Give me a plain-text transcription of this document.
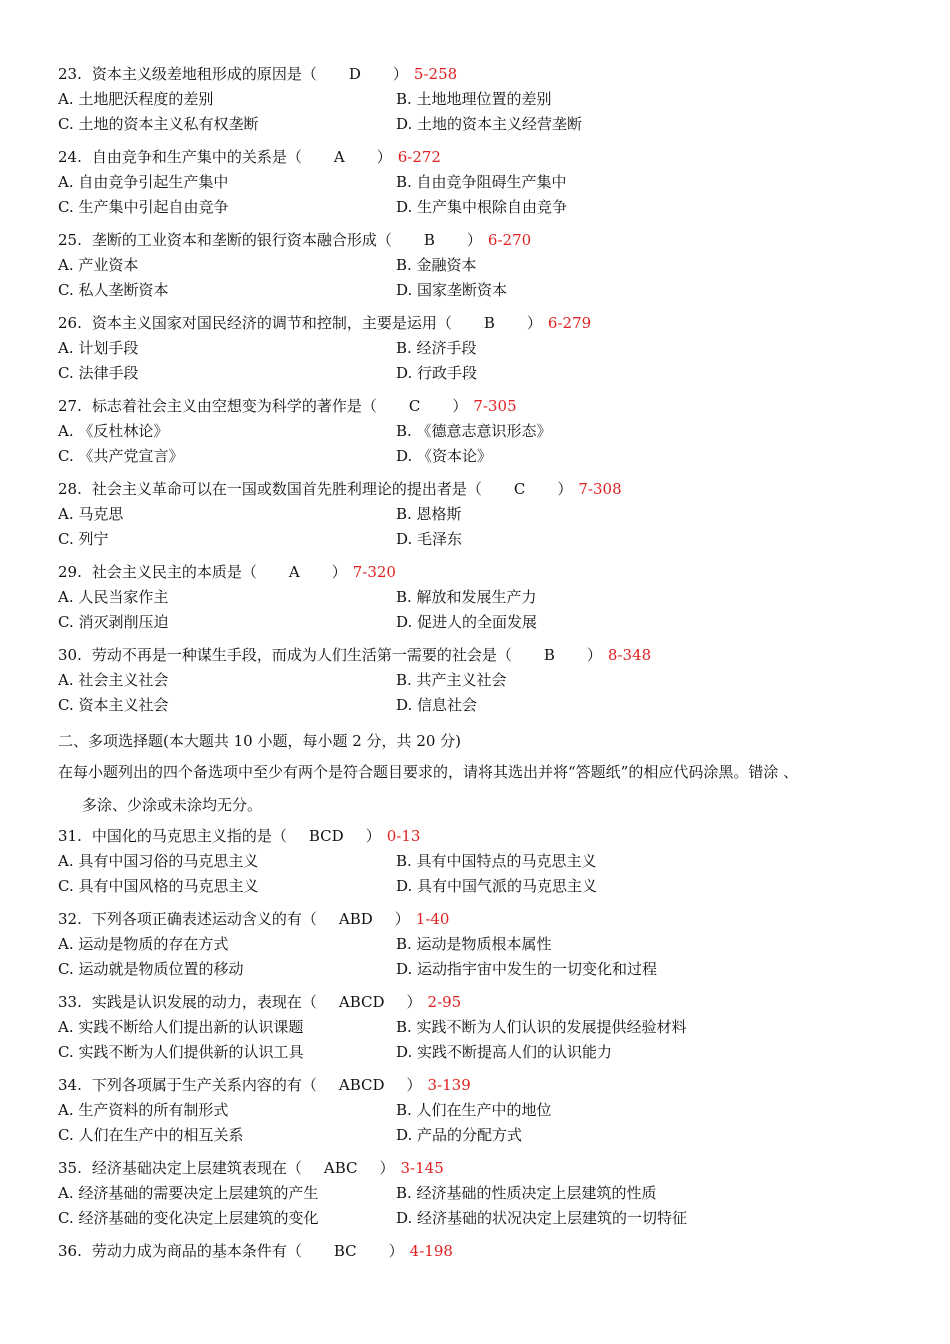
23. 资本主义级差地租形成的原因是（	D	） 5-258
A. 土地肥沃程度的差别	B. 土地地理位置的差别
C. 土地的资本主义私有权垄断	D. 土地的资本主义经营垄断
24. 自由竞争和生产集中的关系是（	A	） 6-272
A. 自由竞争引起生产集中	B. 自由竞争阻碍生产集中
C. 生产集中引起自由竞争	D. 生产集中根除自由竞争
25. 垄断的工业资本和垄断的银行资本融合形成（	B	） 6-270
A. 产业资本	B. 金融资本
C. 私人垄断资本	D. 国家垄断资本
26. 资本主义国家对国民经济的调节和控制，主要是运用（	B	） 6-279
A. 计划手段	B. 经济手段
C. 法律手段	D. 行政手段
27. 标志着社会主义由空想变为科学的著作是（	C	） 7-305
A. 《反杜林论》	B. 《德意志意识形态》
C. 《共产党宣言》	D. 《资本论》
28. 社会主义革命可以在一国或数国首先胜利理论的提出者是（	C	） 7-308
A. 马克思	B. 恩格斯
C. 列宁	D. 毛泽东
29. 社会主义民主的本质是（	A	） 7-320
A. 人民当家作主	B. 解放和发展生产力
C. 消灭剥削压迫	D. 促进人的全面发展
30. 劳动不再是一种谋生手段，而成为人们生活第一需要的社会是（	B	） 8-348
A. 社会主义社会	B. 共产主义社会
C. 资本主义社会	D. 信息社会
二、多项选择题(本大题共 10 小题，每小题 2 分，共 20 分)
在每小题列出的四个备选项中至少有两个是符合题目要求的，请将其选出并将“答题纸”的相应代码涂黑。错涂 、
多涂、少涂或未涂均无分。
31. 中国化的马克思主义指的是（	BCD	） 0-13
A. 具有中国习俗的马克思主义	B. 具有中国特点的马克思主义
C. 具有中国风格的马克思主义	D. 具有中国气派的马克思主义
32. 下列各项正确表述运动含义的有（	ABD	） 1-40
A. 运动是物质的存在方式	B. 运动是物质根本属性
C. 运动就是物质位置的移动	D. 运动指宇宙中发生的一切变化和过程
33. 实践是认识发展的动力，表现在（	ABCD	） 2-95
A. 实践不断给人们提出新的认识课题	B. 实践不断为人们认识的发展提供经验材料
C. 实践不断为人们提供新的认识工具	D. 实践不断提高人们的认识能力
34. 下列各项属于生产关系内容的有（	ABCD	） 3-139
A. 生产资料的所有制形式	B. 人们在生产中的地位
C. 人们在生产中的相互关系	D. 产品的分配方式
35. 经济基础决定上层建筑表现在（	ABC	） 3-145
A. 经济基础的需要决定上层建筑的产生	B. 经济基础的性质决定上层建筑的性质
C. 经济基础的变化决定上层建筑的变化	D. 经济基础的状况决定上层建筑的一切特征
36. 劳动力成为商品的基本条件有（	BC	） 4-198
